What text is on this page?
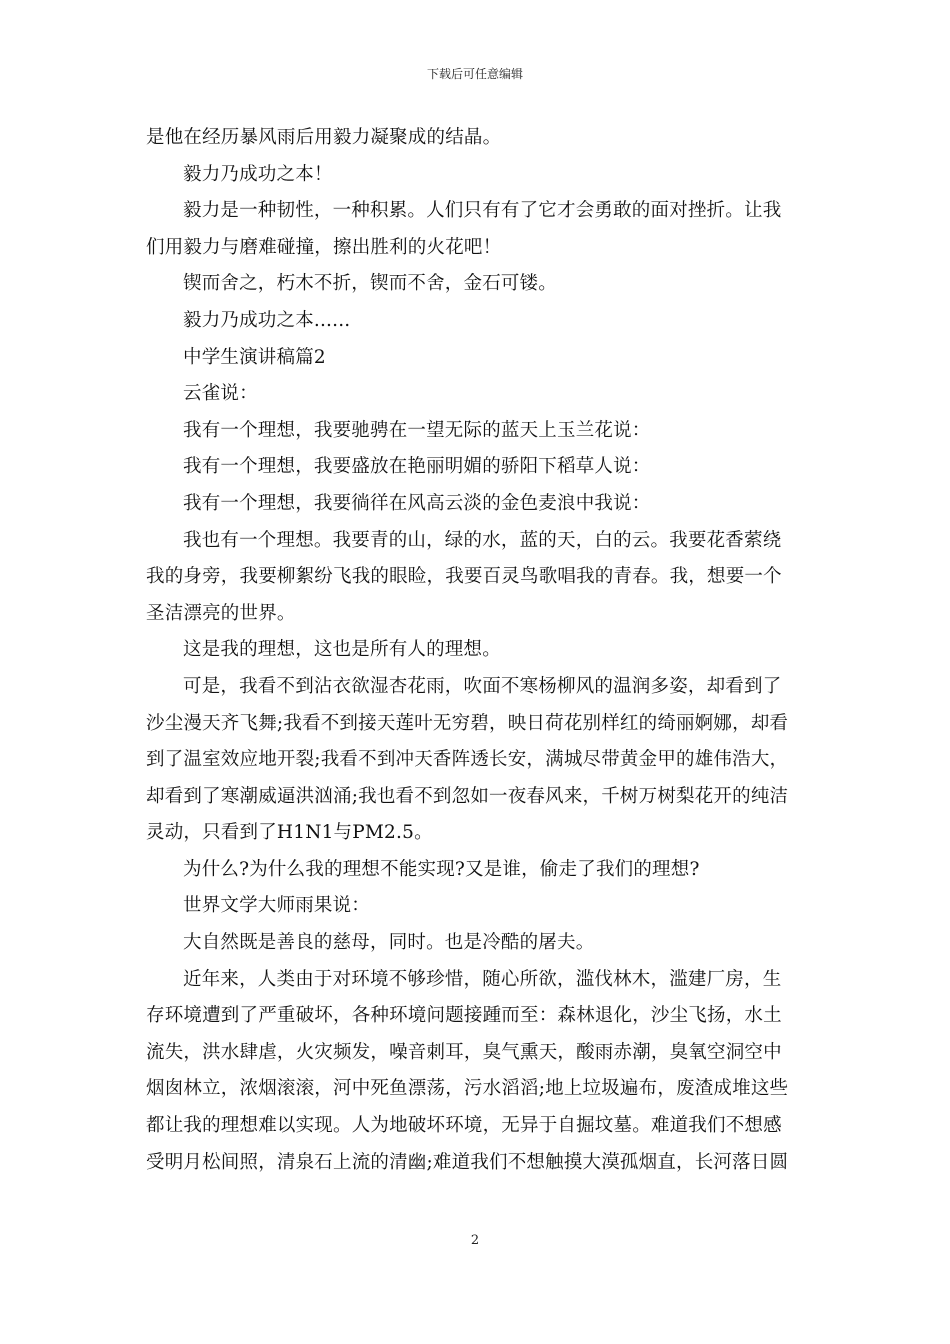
下载后可任意编辑
是他在经历暴风雨后用毅力凝聚成的结晶。
毅力乃成功之本！
毅力是一种韧性，一种积累。人们只有有了它才会勇敢的面对挫折。让我
们用毅力与磨难碰撞，擦出胜利的火花吧！
锲而舍之，朽木不折，锲而不舍，金石可镂。
毅力乃成功之本......
中学生演讲稿篇2
云雀说：
我有一个理想，我要驰骋在一望无际的蓝天上玉兰花说：
我有一个理想，我要盛放在艳丽明媚的骄阳下稻草人说：
我有一个理想，我要徜徉在风高云淡的金色麦浪中我说：
我也有一个理想。我要青的山，绿的水，蓝的天，白的云。我要花香萦绕
我的身旁，我要柳絮纷飞我的眼睑，我要百灵鸟歌唱我的青春。我，想要一个
圣洁漂亮的世界。
这是我的理想，这也是所有人的理想。
可是，我看不到沾衣欲湿杏花雨，吹面不寒杨柳风的温润多姿，却看到了
沙尘漫天齐飞舞;我看不到接天莲叶无穷碧，映日荷花别样红的绮丽婀娜，却看
到了温室效应地开裂;我看不到冲天香阵透长安，满城尽带黄金甲的雄伟浩大，
却看到了寒潮威逼洪汹涌;我也看不到忽如一夜春风来，千树万树梨花开的纯洁
灵动，只看到了H1N1与PM2.5。
为什么?为什么我的理想不能实现?又是谁，偷走了我们的理想?
世界文学大师雨果说：
大自然既是善良的慈母，同时。也是冷酷的屠夫。
近年来，人类由于对环境不够珍惜，随心所欲，滥伐林木，滥建厂房，生
存环境遭到了严重破坏，各种环境问题接踵而至：森林退化，沙尘飞扬，水土
流失，洪水肆虐，火灾频发，噪音刺耳，臭气熏天，酸雨赤潮，臭氧空洞空中
烟囱林立，浓烟滚滚，河中死鱼漂荡，污水滔滔;地上垃圾遍布，废渣成堆这些
都让我的理想难以实现。人为地破坏环境，无异于自掘坟墓。难道我们不想感
受明月松间照，清泉石上流的清幽;难道我们不想触摸大漠孤烟直，长河落日圆
2
